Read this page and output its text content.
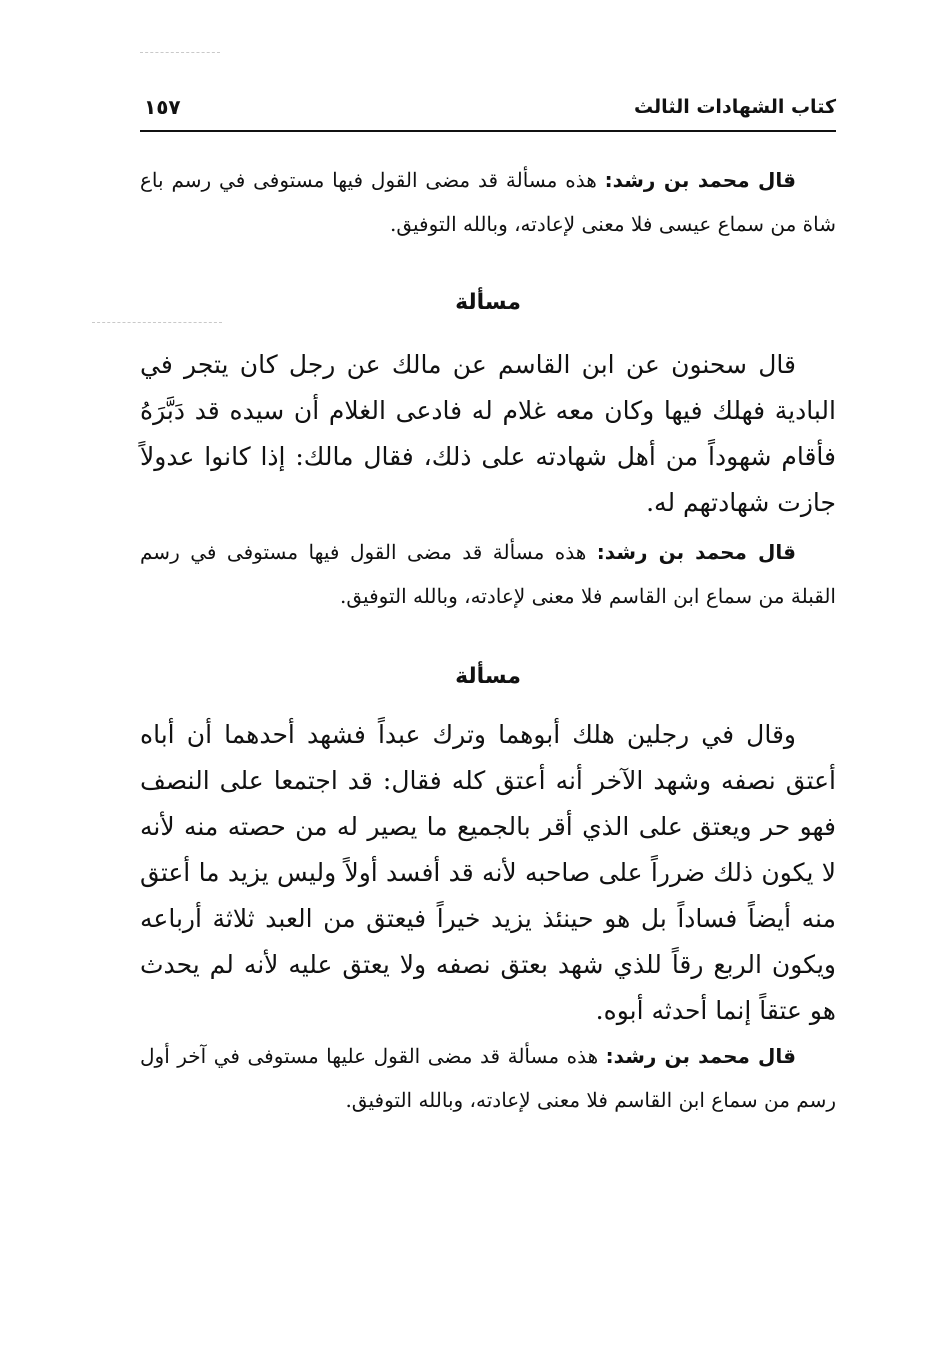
كتاب الشهادات الثالث
١٥٧
قال محمد بن رشد: هذه مسألة قد مضى القول فيها مستوفى في رسم باع شاة من سماع عيسى فلا معنى لإعادته، وبالله التوفيق.
مسألة
قال سحنون عن ابن القاسم عن مالك عن رجل كان يتجر في البادية فهلك فيها وكان معه غلام له فادعى الغلام أن سيده قد دَبَّرَهُ فأقام شهوداً من أهل شهادته على ذلك، فقال مالك: إذا كانوا عدولاً جازت شهادتهم له.
قال محمد بن رشد: هذه مسألة قد مضى القول فيها مستوفى في رسم القبلة من سماع ابن القاسم فلا معنى لإعادته، وبالله التوفيق.
مسألة
وقال في رجلين هلك أبوهما وترك عبداً فشهد أحدهما أن أباه أعتق نصفه وشهد الآخر أنه أعتق كله فقال: قد اجتمعا على النصف فهو حر ويعتق على الذي أقر بالجميع ما يصير له من حصته منه لأنه لا يكون ذلك ضرراً على صاحبه لأنه قد أفسد أولاً وليس يزيد ما أعتق منه أيضاً فساداً بل هو حينئذ يزيد خيراً فيعتق من العبد ثلاثة أرباعه ويكون الربع رقاً للذي شهد بعتق نصفه ولا يعتق عليه لأنه لم يحدث هو عتقاً إنما أحدثه أبوه.
قال محمد بن رشد: هذه مسألة قد مضى القول عليها مستوفى في آخر أول رسم من سماع ابن القاسم فلا معنى لإعادته، وبالله التوفيق.
